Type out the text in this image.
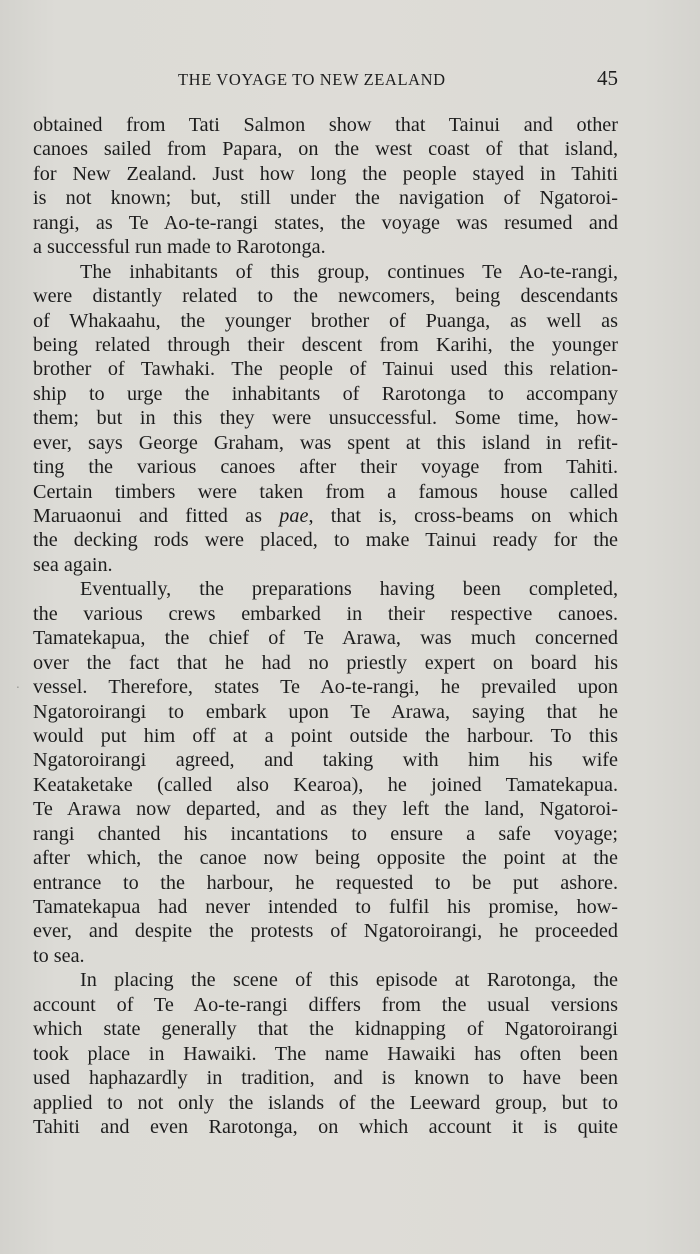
THE VOYAGE TO NEW ZEALAND	45
⋅
obtained from Tati Salmon show that Tainui and other
canoes sailed from Papara, on the west coast of that island,
for New Zealand. Just how long the people stayed in Tahiti
is not known; but, still under the navigation of Ngatoroi-
rangi, as Te Ao-te-rangi states, the voyage was resumed and
a successful run made to Rarotonga.
The inhabitants of this group, continues Te Ao-te-rangi,
were distantly related to the newcomers, being descendants
of Whakaahu, the younger brother of Puanga, as well as
being related through their descent from Karihi, the younger
brother of Tawhaki. The people of Tainui used this relation-
ship to urge the inhabitants of Rarotonga to accompany
them; but in this they were unsuccessful. Some time, how-
ever, says George Graham, was spent at this island in refit-
ting the various canoes after their voyage from Tahiti.
Certain timbers were taken from a famous house called
Maruaonui and fitted as pae, that is, cross-beams on which
the decking rods were placed, to make Tainui ready for the
sea again.
Eventually, the preparations having been completed,
the various crews embarked in their respective canoes.
Tamatekapua, the chief of Te Arawa, was much concerned
over the fact that he had no priestly expert on board his
vessel. Therefore, states Te Ao-te-rangi, he prevailed upon
Ngatoroirangi to embark upon Te Arawa, saying that he
would put him off at a point outside the harbour. To this
Ngatoroirangi agreed, and taking with him his wife
Keataketake (called also Kearoa), he joined Tamatekapua.
Te Arawa now departed, and as they left the land, Ngatoroi-
rangi chanted his incantations to ensure a safe voyage;
after which, the canoe now being opposite the point at the
entrance to the harbour, he requested to be put ashore.
Tamatekapua had never intended to fulfil his promise, how-
ever, and despite the protests of Ngatoroirangi, he proceeded
to sea.
In placing the scene of this episode at Rarotonga, the
account of Te Ao-te-rangi differs from the usual versions
which state generally that the kidnapping of Ngatoroirangi
took place in Hawaiki. The name Hawaiki has often been
used haphazardly in tradition, and is known to have been
applied to not only the islands of the Leeward group, but to
Tahiti and even Rarotonga, on which account it is quite
